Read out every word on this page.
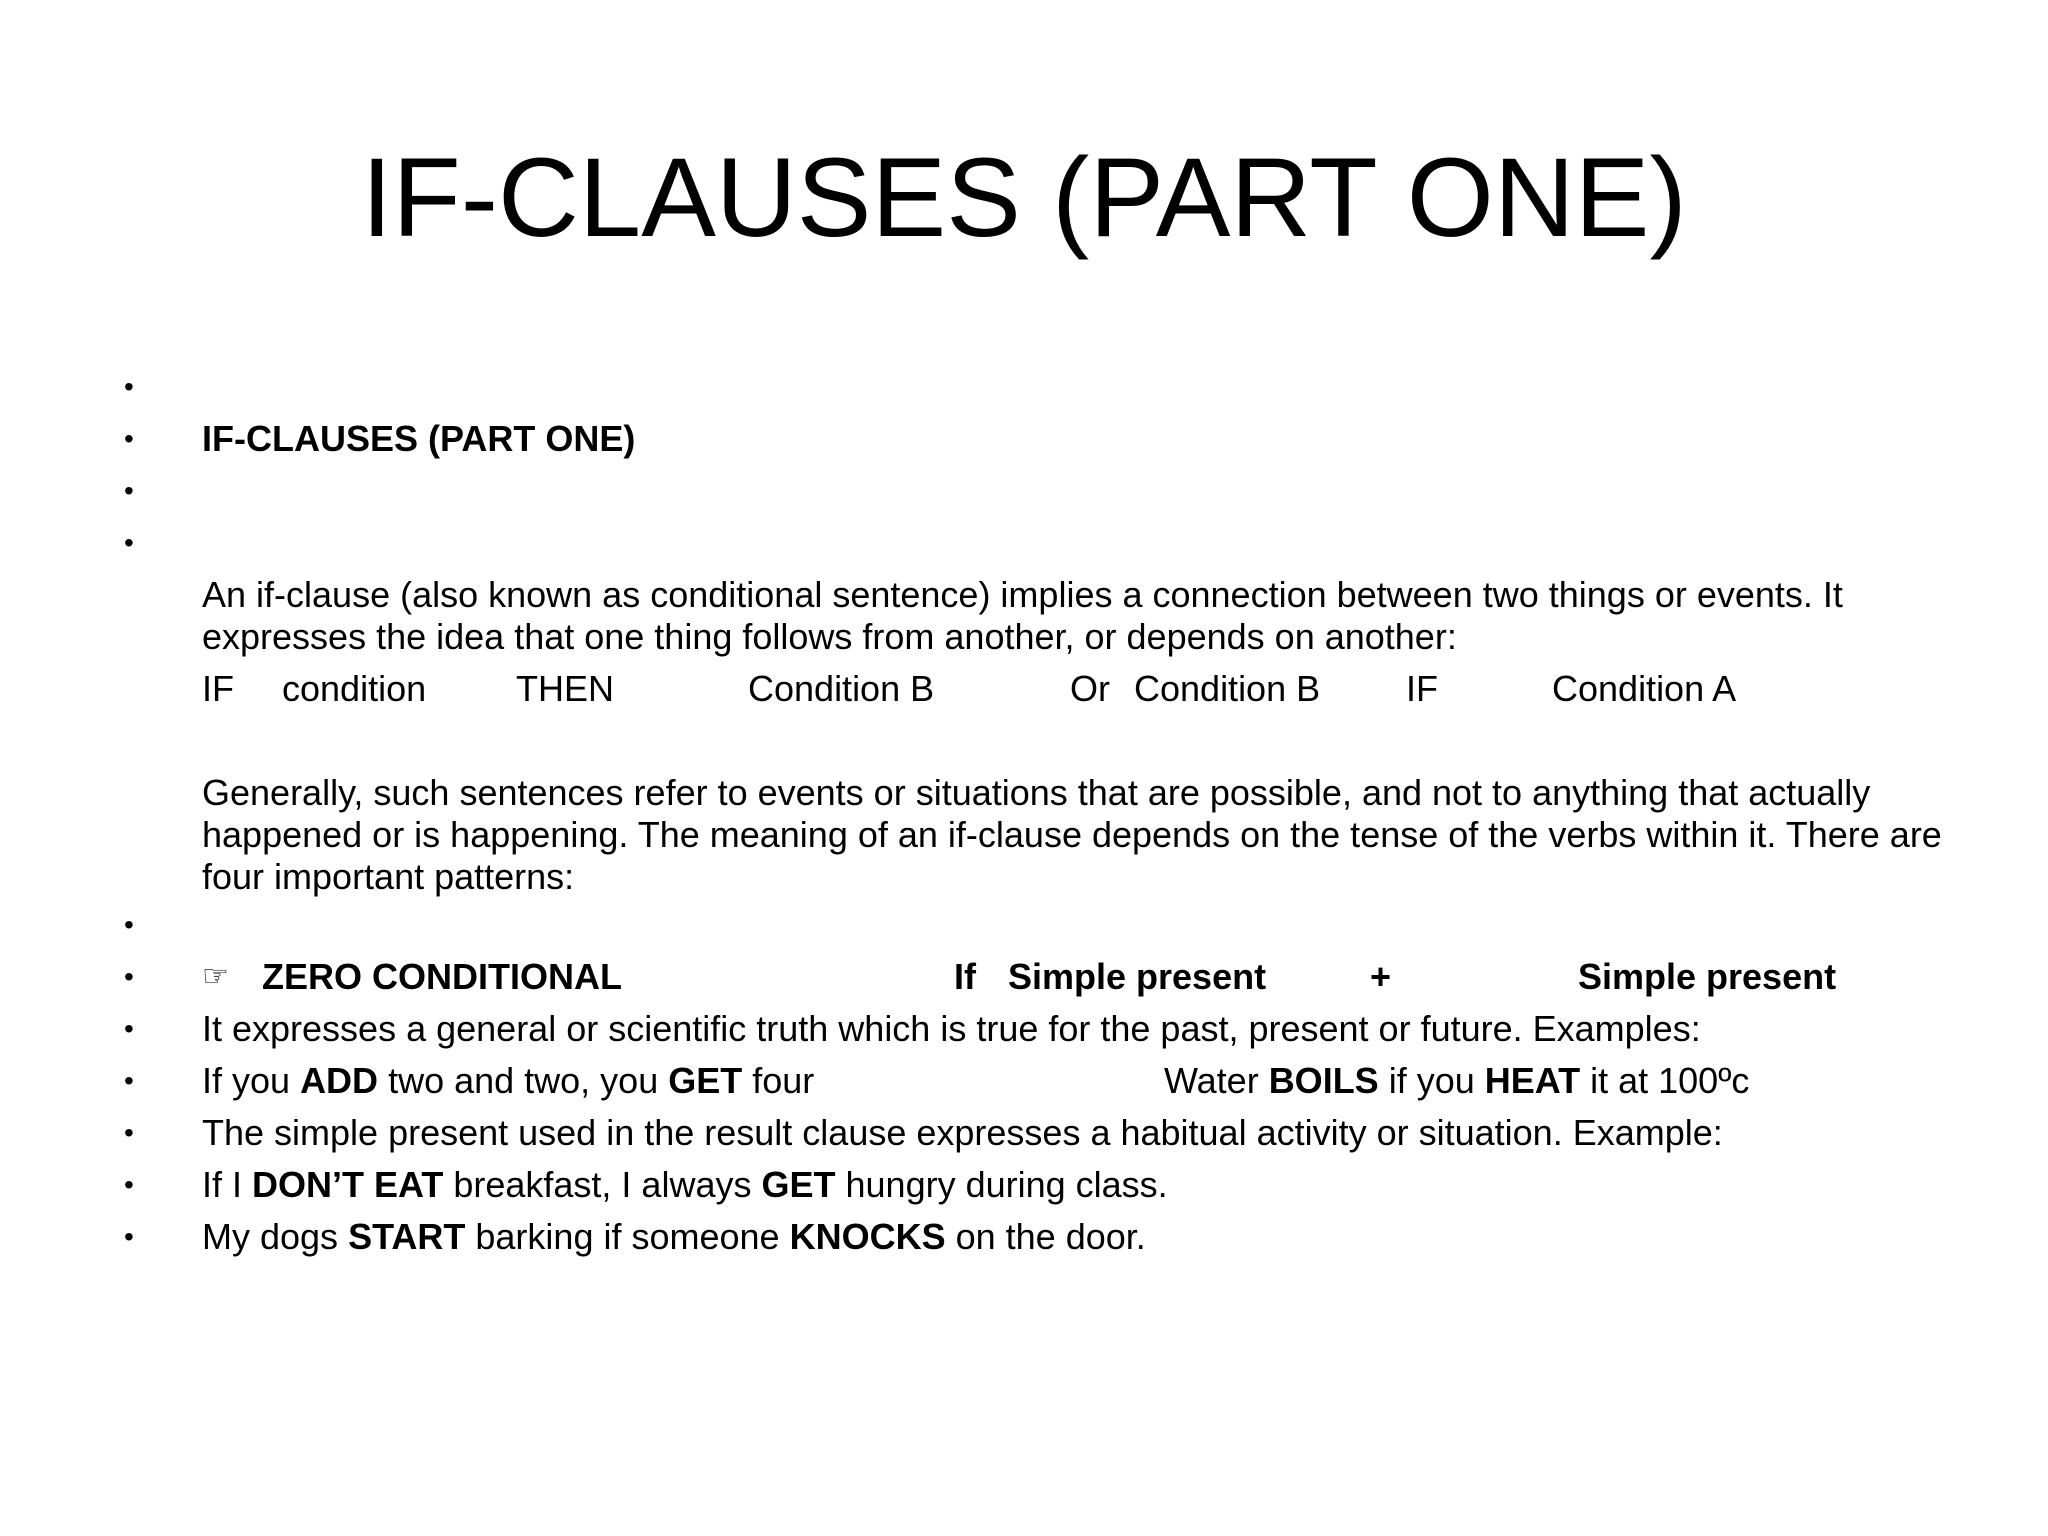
IF-CLAUSES (PART ONE)
•
• IF-CLAUSES (PART ONE)
•
•
An if-clause (also known as conditional sentence) implies a connection between two things or events. It expresses the idea that one thing follows from another, or depends on another:
IF condition THEN	Condition B	Or Condition B IF	Condition A
Generally, such sentences refer to events or situations that are possible, and not to anything that actually happened or is happening. The meaning of an if-clause depends on the tense of the verbs within it. There are four important patterns:
•
•	☞ ZERO CONDITIONAL	If Simple present	+	Simple present
• It expresses a general or scientific truth which is true for the past, present or future. Examples:
• If you ADD two and two, you GET four	Water BOILS if you HEAT it at 100ºc
• The simple present used in the result clause expresses a habitual activity or situation. Example:
• If I DON’T EAT breakfast, I always GET hungry during class.
• My dogs START barking if someone KNOCKS on the door.
